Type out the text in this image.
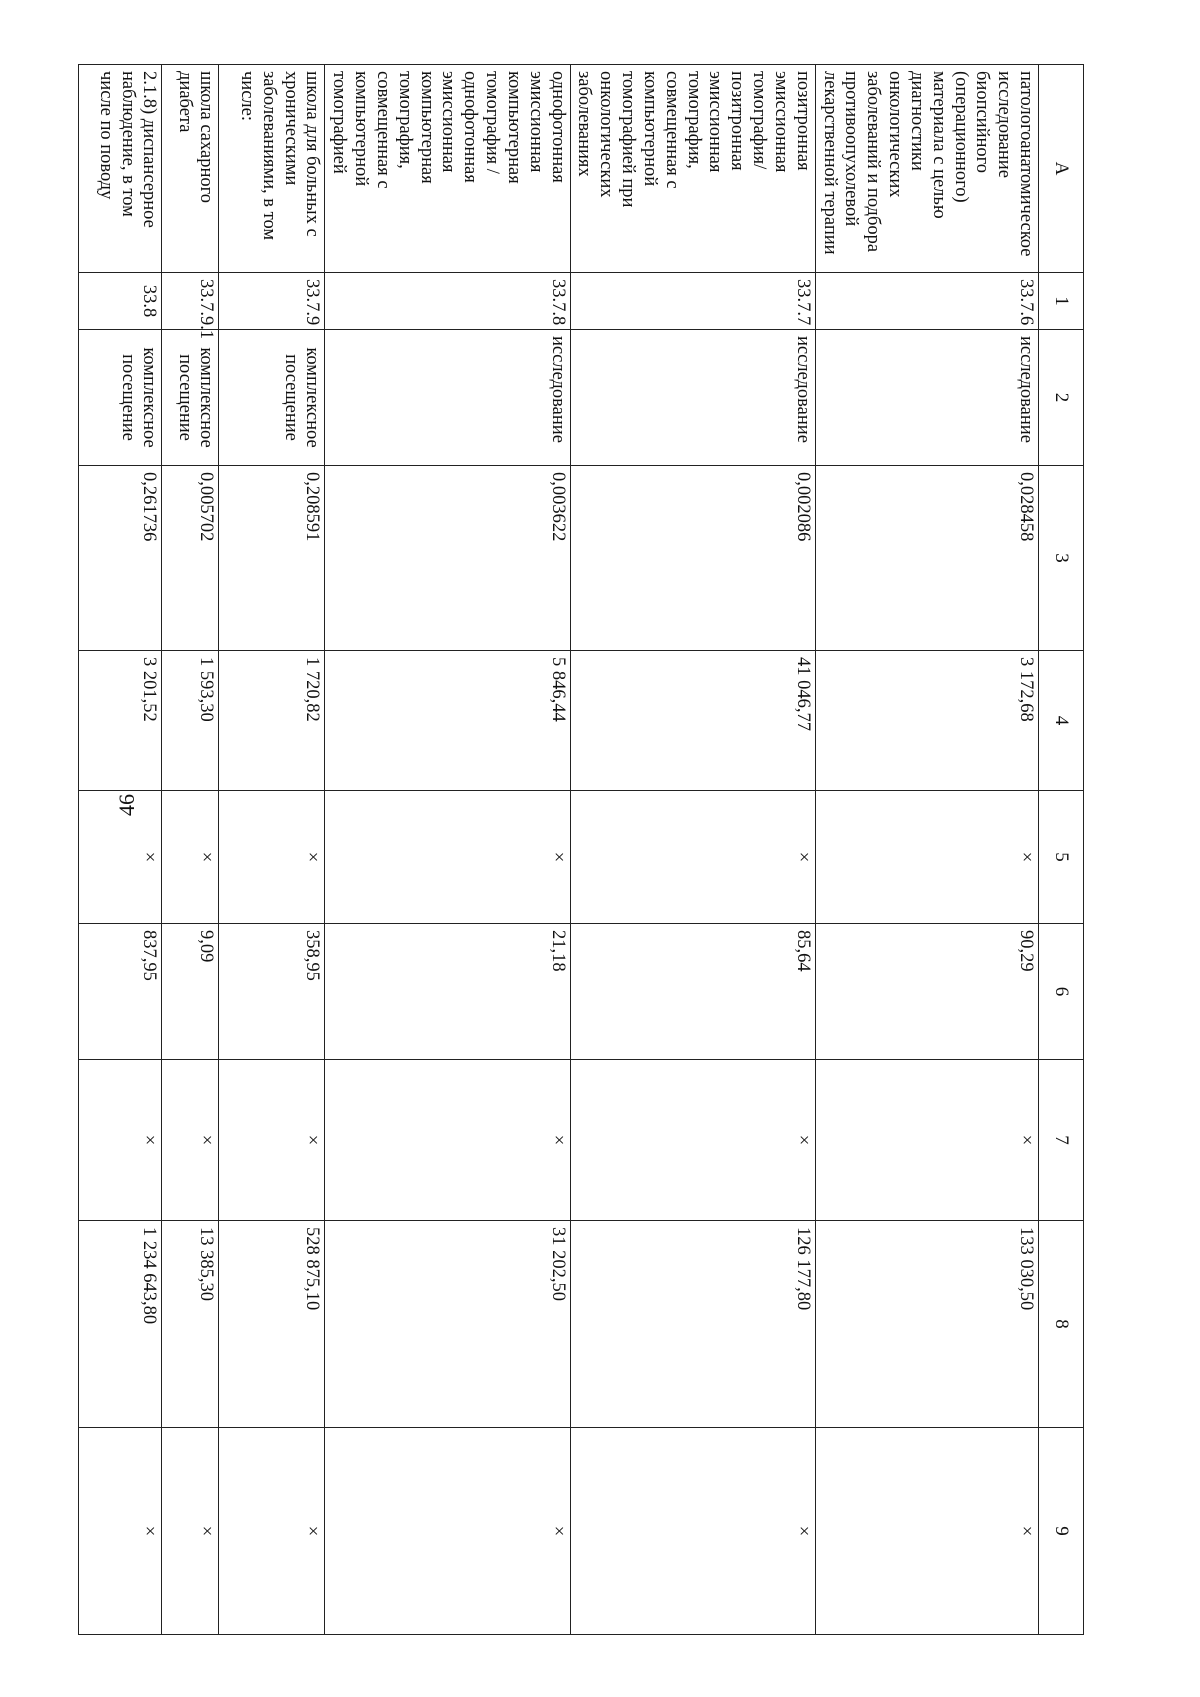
46
А	1	2	3	4	5	6	7	8	9
патологоанатомическое исследование биопсийного (операционного) материала с целью диагностики онкологических заболеваний и подбора противоопухолевой лекарственной терапии	33.7.6	исследование	0,028458	3 172,68	×	90,29	×	133 030,50	×
позитронная эмиссионная томография/позитронная эмиссионная томография, совмещенная с компьютерной томографией при онкологических заболеваниях	33.7.7	исследование	0,002086	41 046,77	×	85,64	×	126 177,80	×
однофотонная эмиссионная компьютерная томография / однофотонная эмиссионная компьютерная томография, совмещенная с компьютерной томографией	33.7.8	исследование	0,003622	5 846,44	×	21,18	×	31 202,50	×
школа для больных с хроническими заболеваниями, в том числе:	33.7.9	комплексное посещение	0,208591	1 720,82	×	358,95	×	528 875,10	×
школа сахарного диабета	33.7.9.1	комплексное посещение	0,005702	1 593,30	×	9,09	×	13 385,30	×
2.1.8) диспансерное наблюдение, в том числе по поводу	33.8	комплексное посещение	0,261736	3 201,52	×	837,95	×	1 234 643,80	×
